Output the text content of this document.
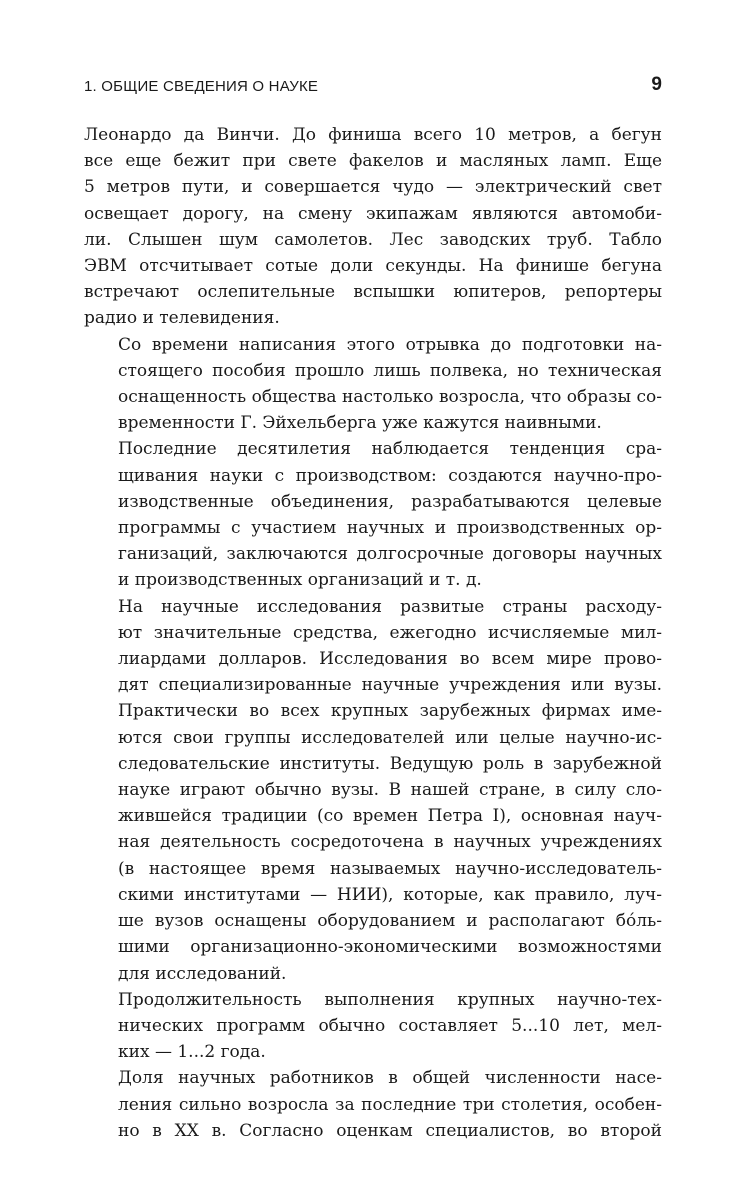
1. ОБЩИЕ СВЕДЕНИЯ О НАУКЕ	9

Леонардо да Винчи. До финиша всего 10 метров, а бегун
все еще бежит при свете факелов и масляных ламп. Еще
5 метров пути, и совершается чудо — электрический свет
освещает дорогу, на смену экипажам являются автомоби-
ли. Слышен шум самолетов. Лес заводских труб. Табло
ЭВМ отсчитывает сотые доли секунды. На финише бегуна
встречают ослепительные вспышки юпитеров, репортеры
радио и телевидения.

Со времени написания этого отрывка до подготовки на-
стоящего пособия прошло лишь полвека, но техническая
оснащенность общества настолько возросла, что образы со-
временности Г. Эйхельберга уже кажутся наивными.

Последние десятилетия наблюдается тенденция сра-
щивания науки с производством: создаются научно-про-
изводственные объединения, разрабатываются целевые
программы с участием научных и производственных ор-
ганизаций, заключаются долгосрочные договоры научных
и производственных организаций и т. д.

На научные исследования развитые страны расходу-
ют значительные средства, ежегодно исчисляемые мил-
лиардами долларов. Исследования во всем мире прово-
дят специализированные научные учреждения или вузы.
Практически во всех крупных зарубежных фирмах име-
ются свои группы исследователей или целые научно-ис-
следовательские институты. Ведущую роль в зарубежной
науке играют обычно вузы. В нашей стране, в силу сло-
жившейся традиции (со времен Петра I), основная науч-
ная деятельность сосредоточена в научных учреждениях
(в настоящее время называемых научно-исследователь-
скими институтами — НИИ), которые, как правило, луч-
ше вузов оснащены оборудованием и располагают бо́ль-
шими организационно-экономическими возможностями
для исследований.

Продолжительность выполнения крупных научно-тех-
нических программ обычно составляет 5...10 лет, мел-
ких — 1...2 года.

Доля научных работников в общей численности насе-
ления сильно возросла за последние три столетия, особен-
но в XX в. Согласно оценкам специалистов, во второй
